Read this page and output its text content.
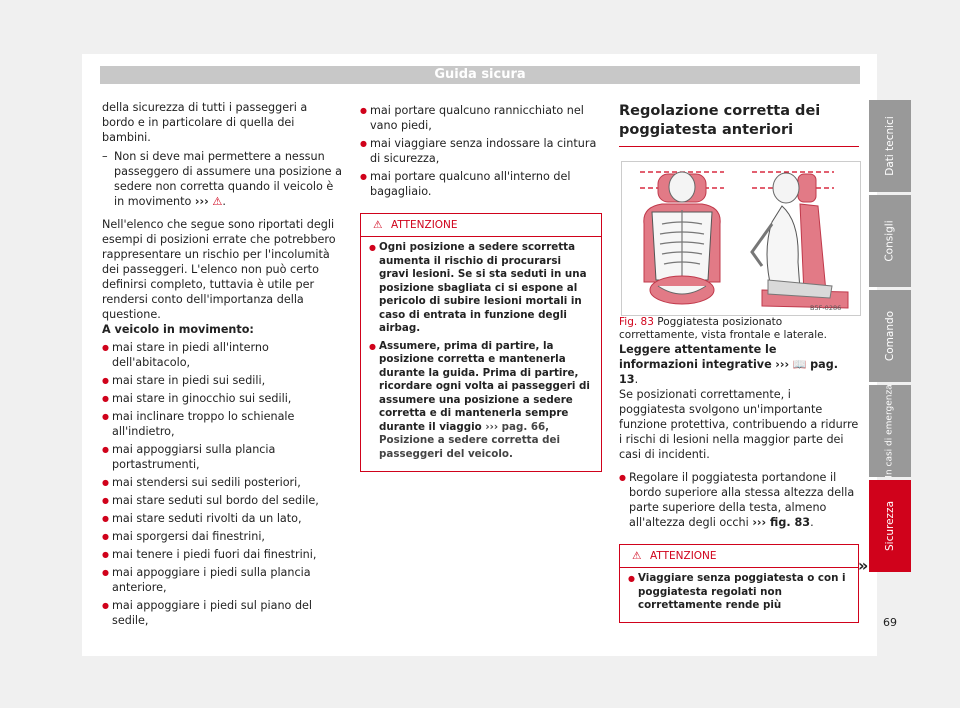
Guida sicura

della sicurezza di tutti i passeggeri a bordo e in particolare di quella dei bambini.

– Non si deve mai permettere a nessun passeggero di assumere una posizione a sedere non corretta quando il veicolo è in movimento ››› ⚠.

Nell'elenco che segue sono riportati degli esempi di posizioni errate che potrebbero rappresentare un rischio per l'incolumità dei passeggeri. L'elenco non può certo definirsi completo, tuttavia è utile per rendersi conto dell'importanza della questione.

A veicolo in movimento:

● mai stare in piedi all'interno dell'abitacolo,
● mai stare in piedi sui sedili,
● mai stare in ginocchio sui sedili,
● mai inclinare troppo lo schienale all'indietro,
● mai appoggiarsi sulla plancia portastrumenti,
● mai stendersi sui sedili posteriori,
● mai stare seduti sul bordo del sedile,
● mai stare seduti rivolti da un lato,
● mai sporgersi dai finestrini,
● mai tenere i piedi fuori dai finestrini,
● mai appoggiare i piedi sulla plancia anteriore,
● mai appoggiare i piedi sul piano del sedile,
● mai portare qualcuno rannicchiato nel vano piedi,
● mai viaggiare senza indossare la cintura di sicurezza,
● mai portare qualcuno all'interno del bagagliaio.
⚠ ATTENZIONE
● Ogni posizione a sedere scorretta aumenta il rischio di procurarsi gravi lesioni. Se si sta seduti in una posizione sbagliata ci si espone al pericolo di subire lesioni mortali in caso di entrata in funzione degli airbag.
● Assumere, prima di partire, la posizione corretta e mantenerla durante la guida. Prima di partire, ricordare ogni volta ai passeggeri di assumere una posizione a sedere corretta e di mantenerla sempre durante il viaggio ››› pag. 66, Posizione a sedere corretta dei passeggeri del veicolo.
Regolazione corretta dei poggiatesta anteriori
B5F-0286

Fig. 83 Poggiatesta posizionato correttamente, vista frontale e laterale.

Leggere attentamente le informazioni integrative ››› 📖 pag. 13.

Se posizionati correttamente, i poggiatesta svolgono un'importante funzione protettiva, contribuendo a ridurre i rischi di lesioni nella maggior parte dei casi di incidenti.

● Regolare il poggiatesta portandone il bordo superiore alla stessa altezza della parte superiore della testa, almeno all'altezza degli occhi ››› fig. 83.
⚠ ATTENZIONE
● Viaggiare senza poggiatesta o con i poggiatesta regolati non correttamente rende più
»
Dati tecnici
Consigli
Comando
In casi di emergenza
Sicurezza
69
